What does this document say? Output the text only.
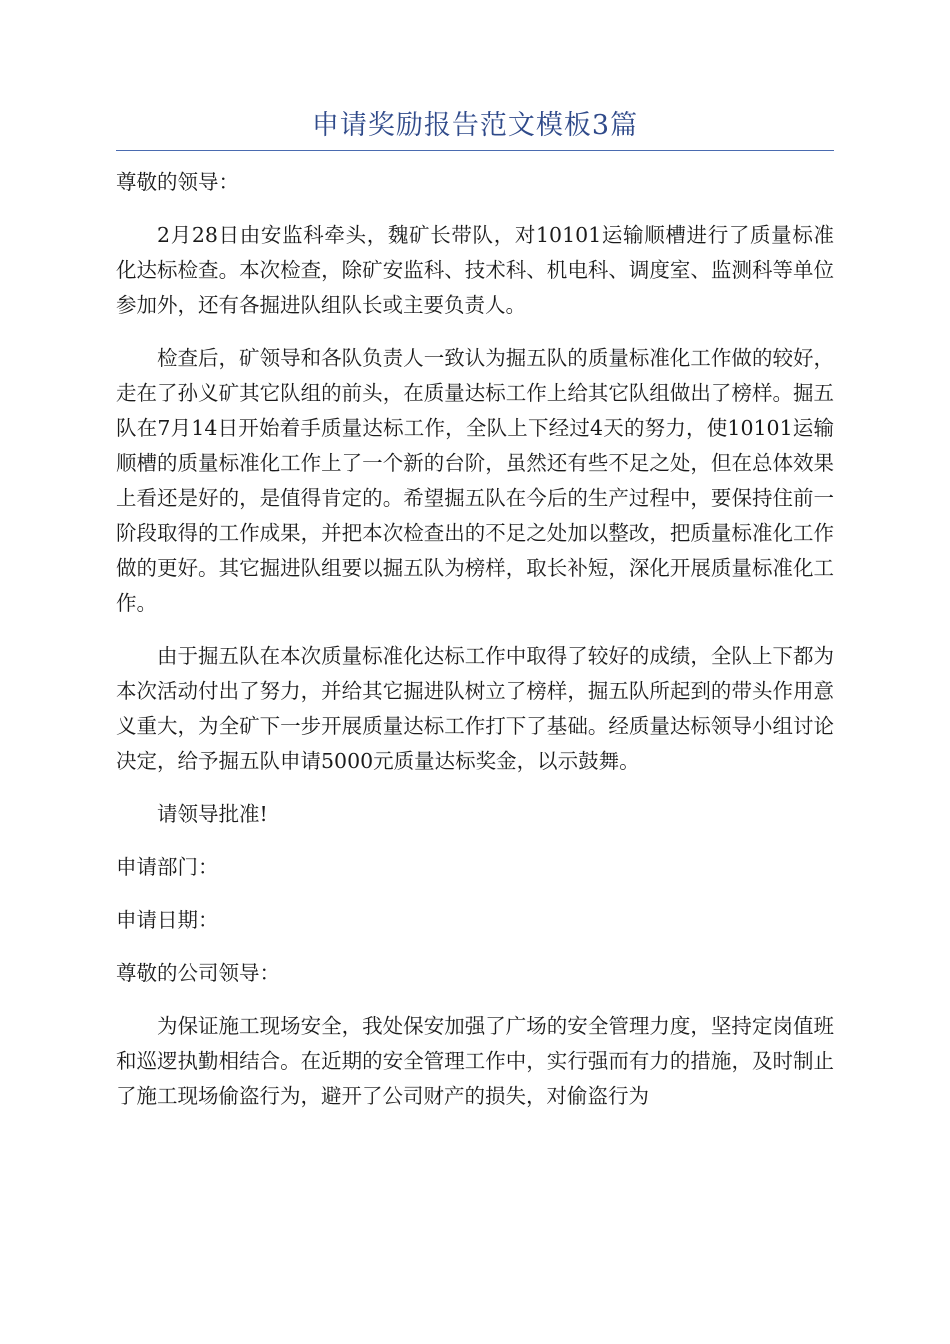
申请奖励报告范文模板3篇

尊敬的领导：

2月28日由安监科牵头，魏矿长带队，对10101运输顺槽进行了质量标准化达标检查。本次检查，除矿安监科、技术科、机电科、调度室、监测科等单位参加外，还有各掘进队组队长或主要负责人。

检查后，矿领导和各队负责人一致认为掘五队的质量标准化工作做的较好，走在了孙义矿其它队组的前头，在质量达标工作上给其它队组做出了榜样。掘五队在7月14日开始着手质量达标工作，全队上下经过4天的努力，使10101运输顺槽的质量标准化工作上了一个新的台阶，虽然还有些不足之处，但在总体效果上看还是好的，是值得肯定的。希望掘五队在今后的生产过程中，要保持住前一阶段取得的工作成果，并把本次检查出的不足之处加以整改，把质量标准化工作做的更好。其它掘进队组要以掘五队为榜样，取长补短，深化开展质量标准化工作。

由于掘五队在本次质量标准化达标工作中取得了较好的成绩，全队上下都为本次活动付出了努力，并给其它掘进队树立了榜样，掘五队所起到的带头作用意义重大，为全矿下一步开展质量达标工作打下了基础。经质量达标领导小组讨论决定，给予掘五队申请5000元质量达标奖金，以示鼓舞。

请领导批准!

申请部门：

申请日期：

尊敬的公司领导：

为保证施工现场安全，我处保安加强了广场的安全管理力度，坚持定岗值班和巡逻执勤相结合。在近期的安全管理工作中，实行强而有力的措施，及时制止了施工现场偷盗行为，避开了公司财产的损失，对偷盗行为
